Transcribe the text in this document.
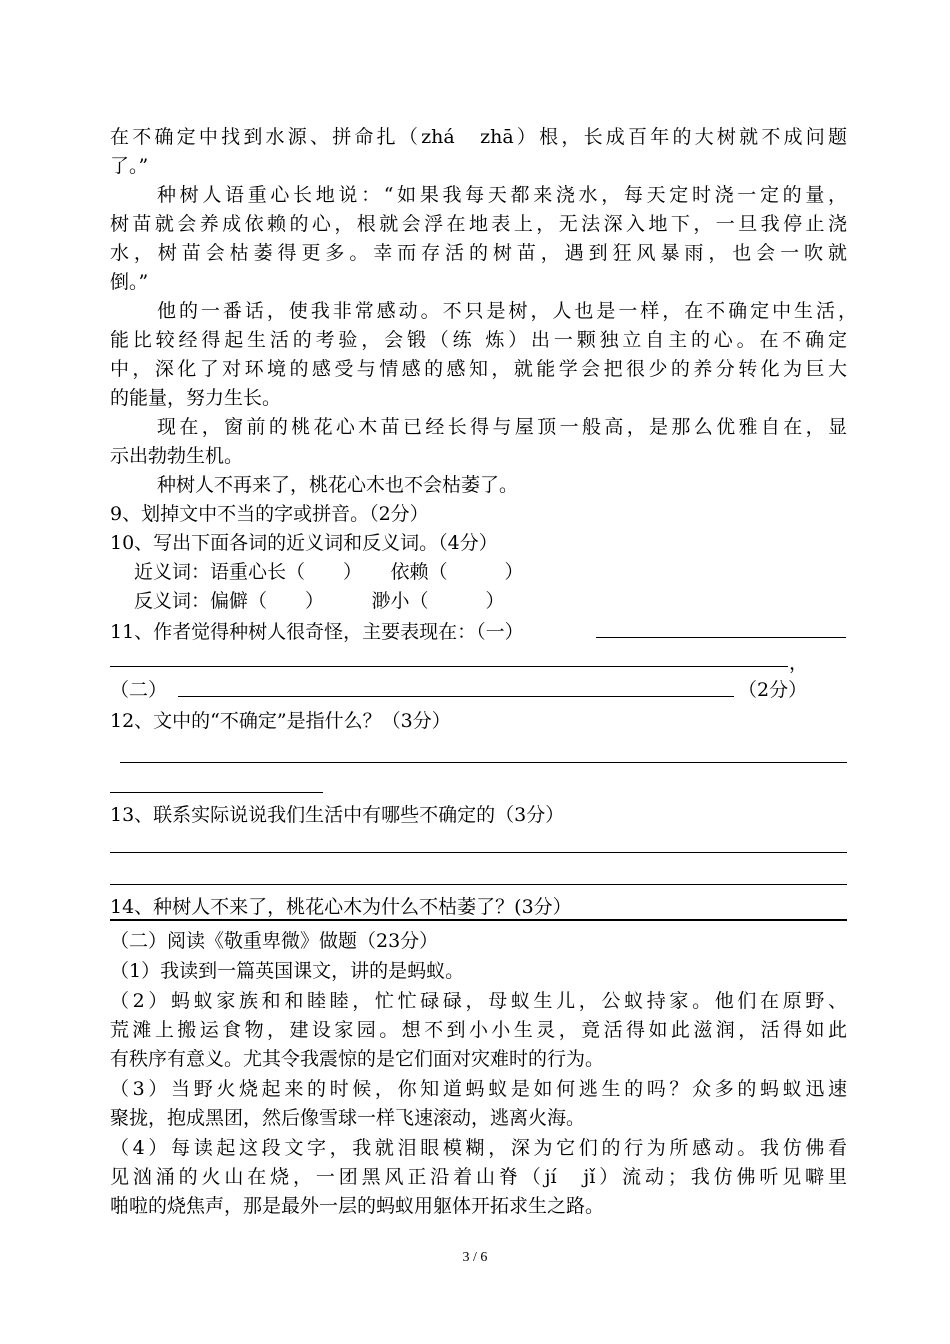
在不确定中找到水源、拼命扎（zhá　zhā）根，长成百年的大树就不成问题
了。”
种树人语重心长地说：“如果我每天都来浇水，每天定时浇一定的量，
树苗就会养成依赖的心，根就会浮在地表上，无法深入地下，一旦我停止浇
水，树苗会枯萎得更多。幸而存活的树苗，遇到狂风暴雨，也会一吹就
倒。”
他的一番话，使我非常感动。不只是树，人也是一样，在不确定中生活，
能比较经得起生活的考验，会锻（练 炼）出一颗独立自主的心。在不确定
中，深化了对环境的感受与情感的感知，就能学会把很少的养分转化为巨大
的能量，努力生长。
现在，窗前的桃花心木苗已经长得与屋顶一般高，是那么优雅自在，显
示出勃勃生机。
种树人不再来了，桃花心木也不会枯萎了。
9、划掉文中不当的字或拼音。（2分）
10、写出下面各词的近义词和反义词。（4分）
近义词：语重心长（　　）　　依赖（　　　）
反义词：偏僻（　　）　　　渺小（　　　）
11、作者觉得种树人很奇怪，主要表现在：（一）
，
（二）	（2分）
12、文中的“不确定”是指什么？（3分）
13、联系实际说说我们生活中有哪些不确定的（3分）
14、种树人不来了，桃花心木为什么不枯萎了？(3分）
（二）阅读《敬重卑微》做题（23分）
（1）我读到一篇英国课文，讲的是蚂蚁。
（2）蚂蚁家族和和睦睦，忙忙碌碌，母蚁生儿，公蚁持家。他们在原野、
荒滩上搬运食物，建设家园。想不到小小生灵，竟活得如此滋润，活得如此
有秩序有意义。尤其令我震惊的是它们面对灾难时的行为。
（3）当野火烧起来的时候，你知道蚂蚁是如何逃生的吗？众多的蚂蚁迅速
聚拢，抱成黑团，然后像雪球一样飞速滚动，逃离火海。
（4）每读起这段文字，我就泪眼模糊，深为它们的行为所感动。我仿佛看
见汹涌的火山在烧，一团黑风正沿着山脊（jí　jǐ）流动；我仿佛听见噼里
啪啦的烧焦声，那是最外一层的蚂蚁用躯体开拓求生之路。
3 / 6
